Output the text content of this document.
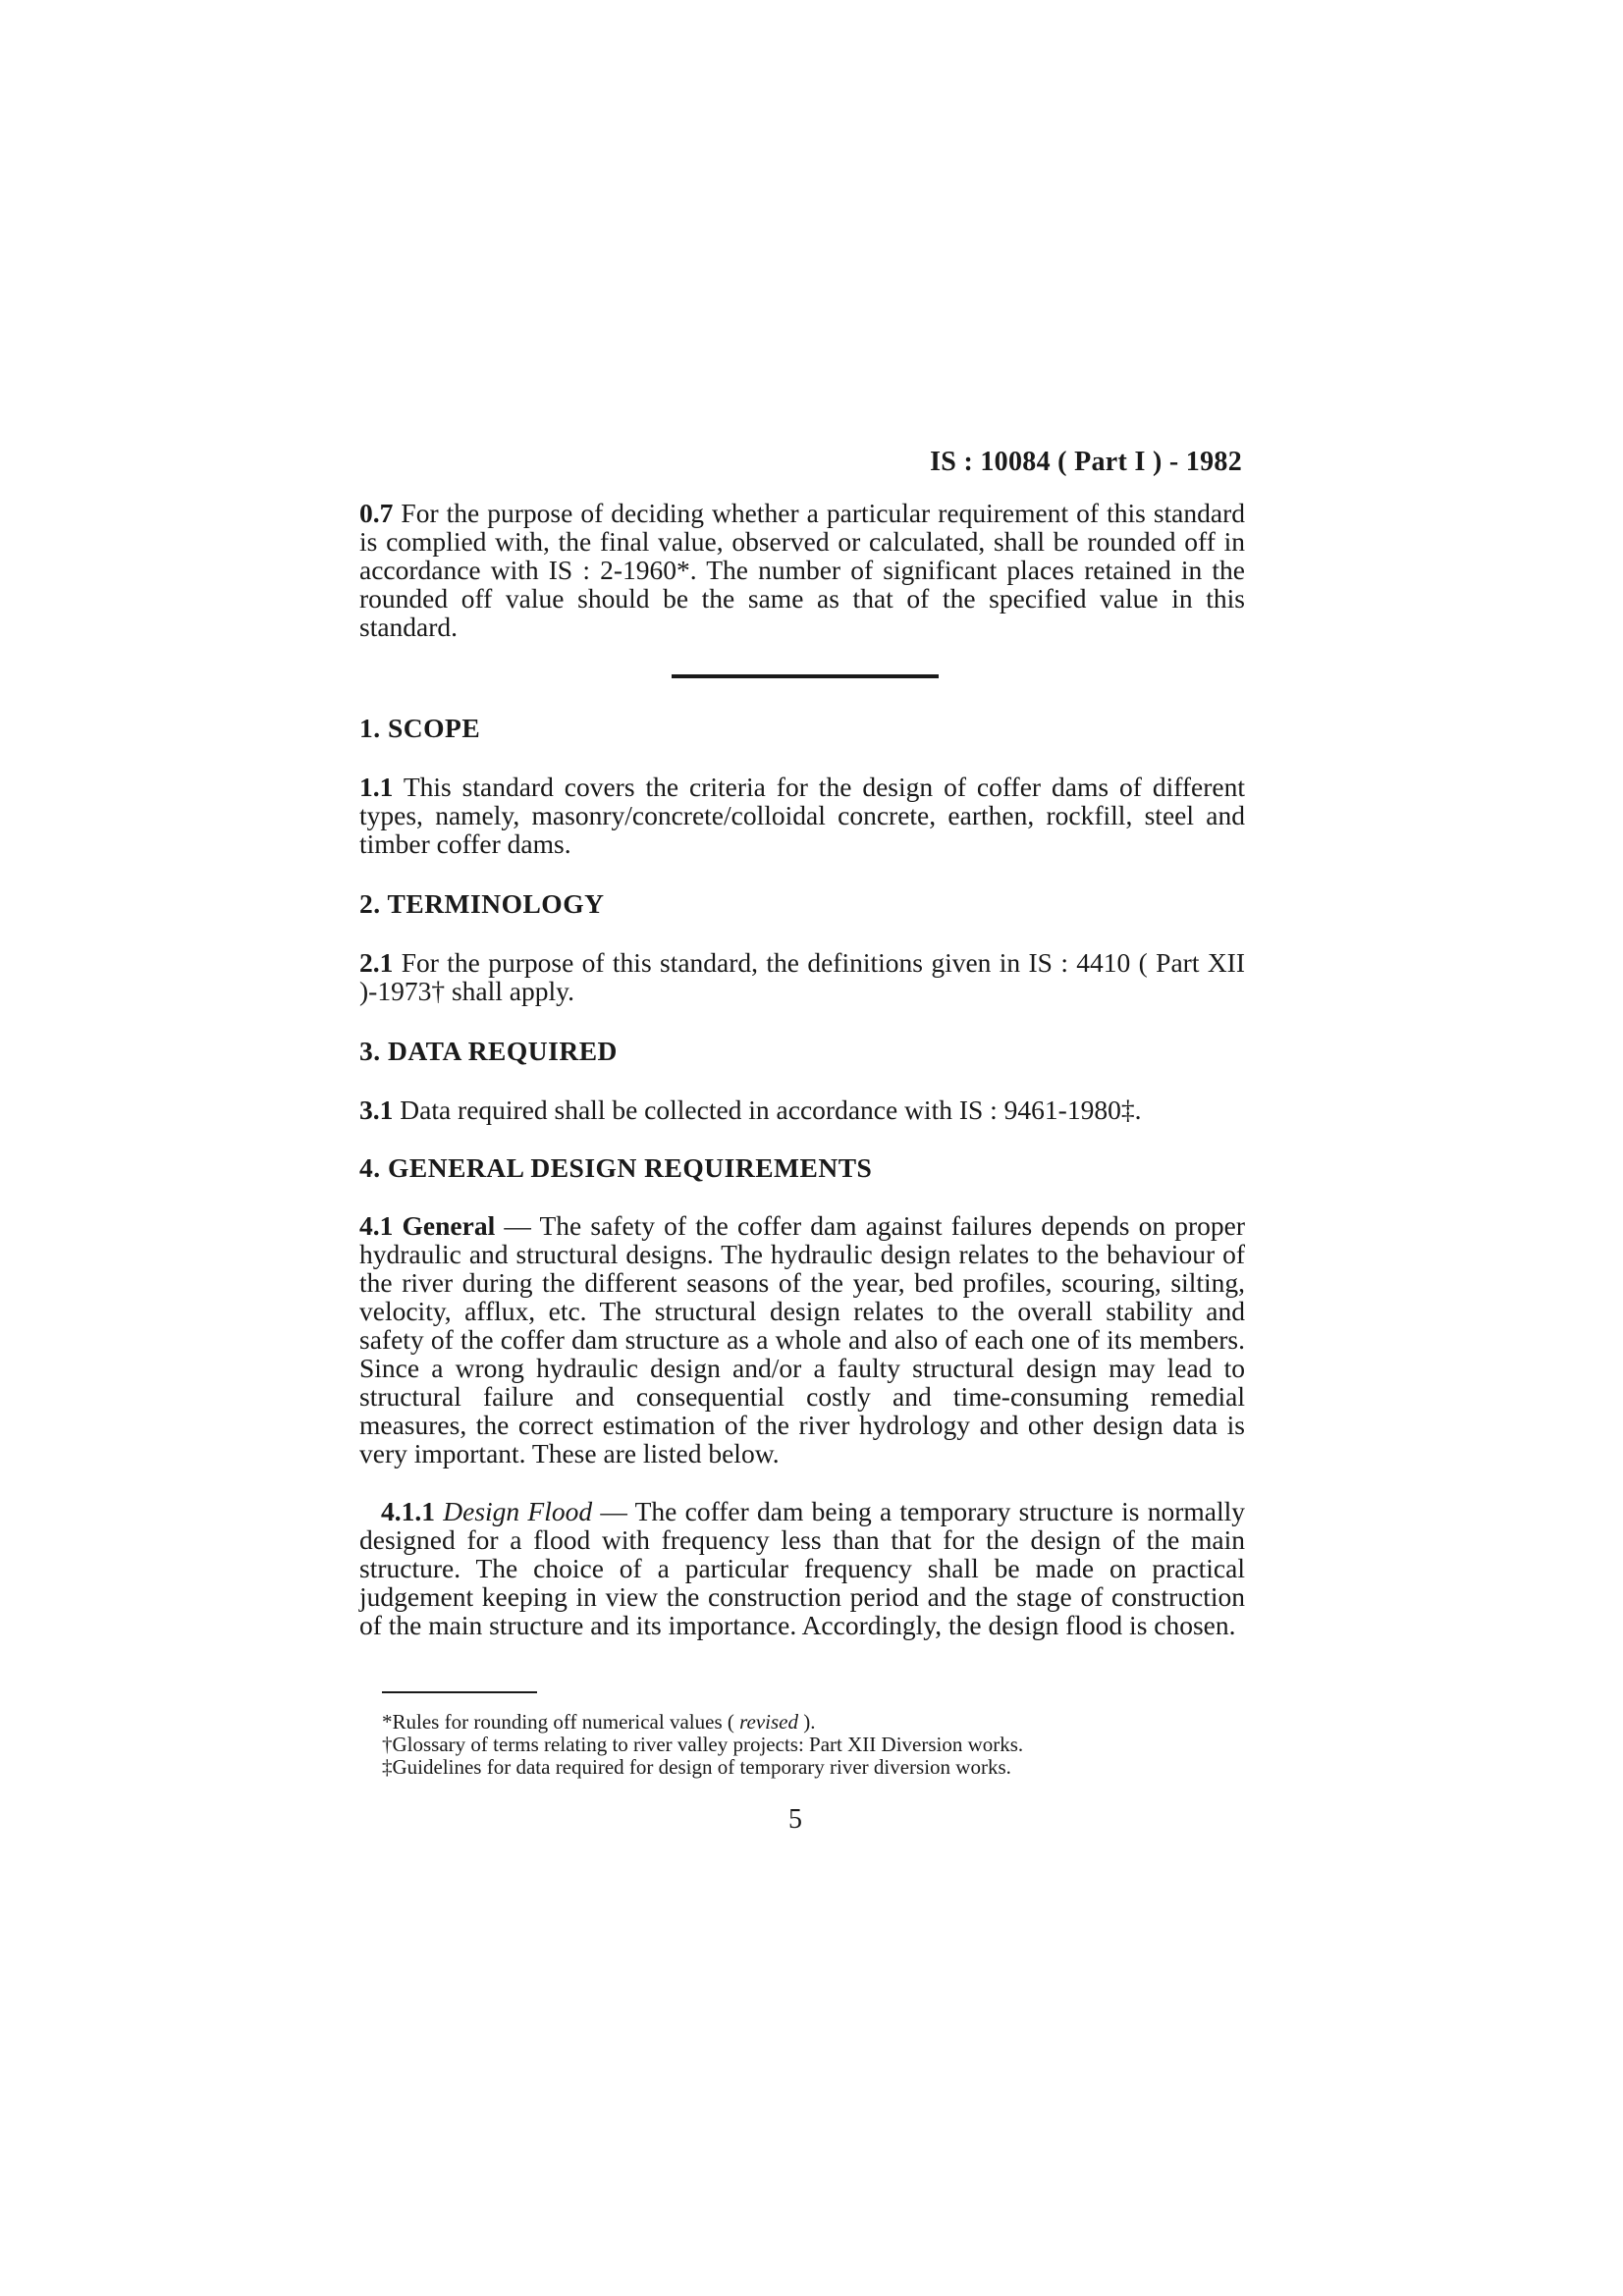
IS : 10084 ( Part I ) - 1982

0.7 For the purpose of deciding whether a particular requirement of this standard is complied with, the final value, observed or calculated, shall be rounded off in accordance with IS : 2-1960*. The number of significant places retained in the rounded off value should be the same as that of the specified value in this standard.

1. SCOPE

1.1 This standard covers the criteria for the design of coffer dams of different types, namely, masonry/concrete/colloidal concrete, earthen, rockfill, steel and timber coffer dams.

2. TERMINOLOGY

2.1 For the purpose of this standard, the definitions given in IS : 4410 ( Part XII )-1973† shall apply.

3. DATA REQUIRED

3.1 Data required shall be collected in accordance with IS : 9461-1980‡.

4. GENERAL DESIGN REQUIREMENTS

4.1 General — The safety of the coffer dam against failures depends on proper hydraulic and structural designs. The hydraulic design relates to the behaviour of the river during the different seasons of the year, bed profiles, scouring, silting, velocity, afflux, etc. The structural design relates to the overall stability and safety of the coffer dam structure as a whole and also of each one of its members. Since a wrong hydraulic design and/or a faulty structural design may lead to structural failure and consequential costly and time-consuming remedial measures, the correct estimation of the river hydrology and other design data is very important. These are listed below.

4.1.1 Design Flood — The coffer dam being a temporary structure is normally designed for a flood with frequency less than that for the design of the main structure. The choice of a particular frequency shall be made on practical judgement keeping in view the construction period and the stage of construction of the main structure and its importance. Accordingly, the design flood is chosen.

*Rules for rounding off numerical values ( revised ).

†Glossary of terms relating to river valley projects: Part XII Diversion works.

‡Guidelines for data required for design of temporary river diversion works.

5
